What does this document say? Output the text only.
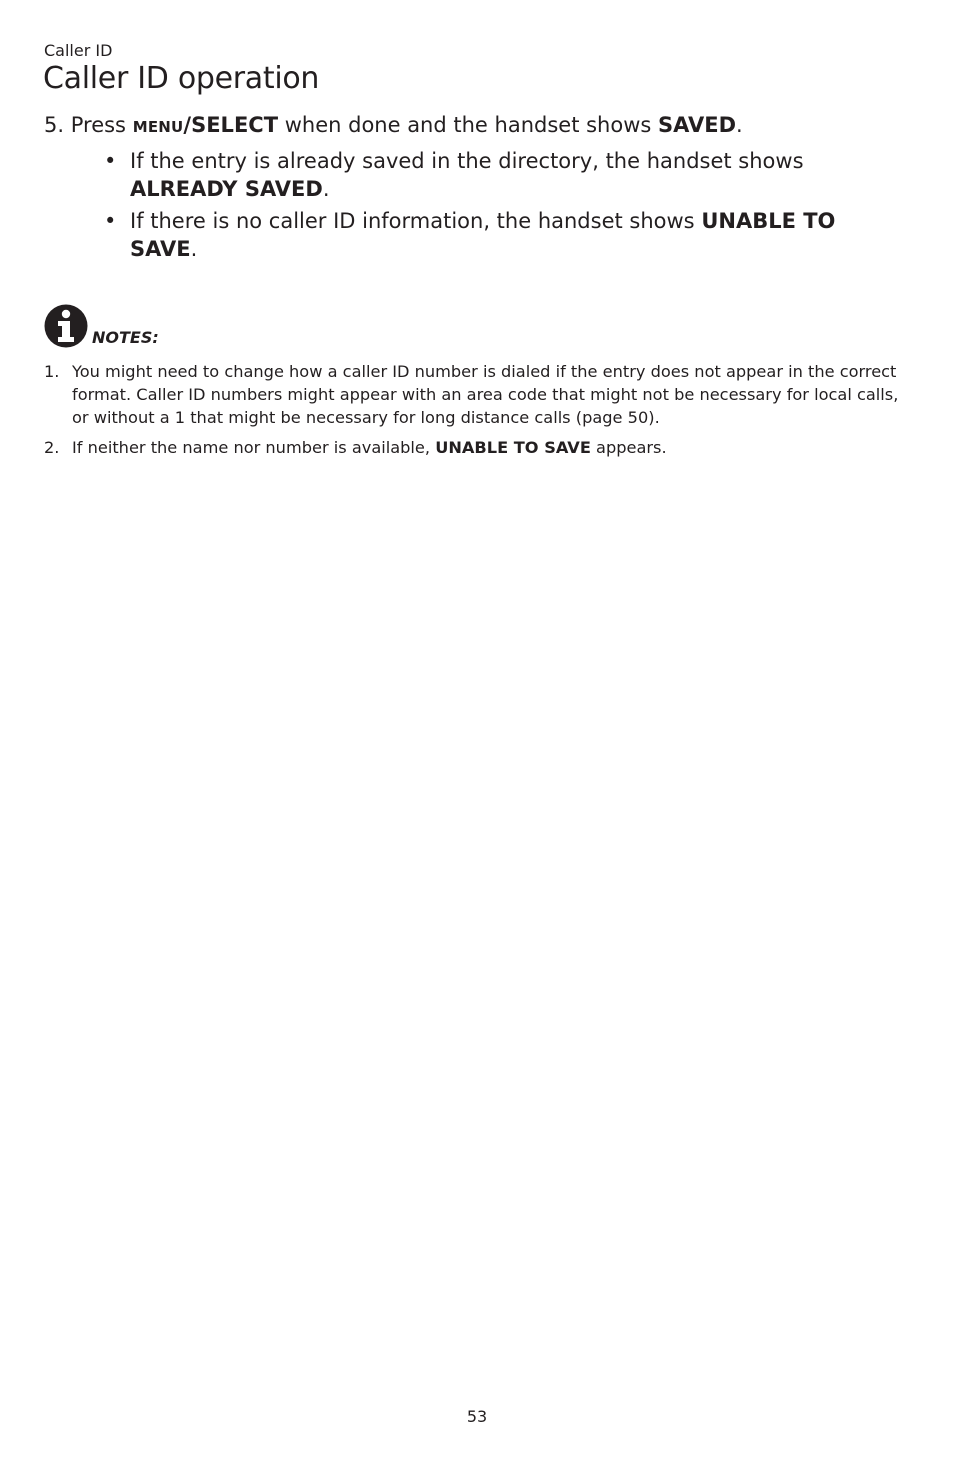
Caller ID
Caller ID operation
5. Press MENU/SELECT when done and the handset shows SAVED.
• If the entry is already saved in the directory, the handset shows ALREADY SAVED.
• If there is no caller ID information, the handset shows UNABLE TO SAVE.
NOTES:
1. You might need to change how a caller ID number is dialed if the entry does not appear in the correct format. Caller ID numbers might appear with an area code that might not be necessary for local calls, or without a 1 that might be necessary for long distance calls (page 50).
2. If neither the name nor number is available, UNABLE TO SAVE appears.
53
